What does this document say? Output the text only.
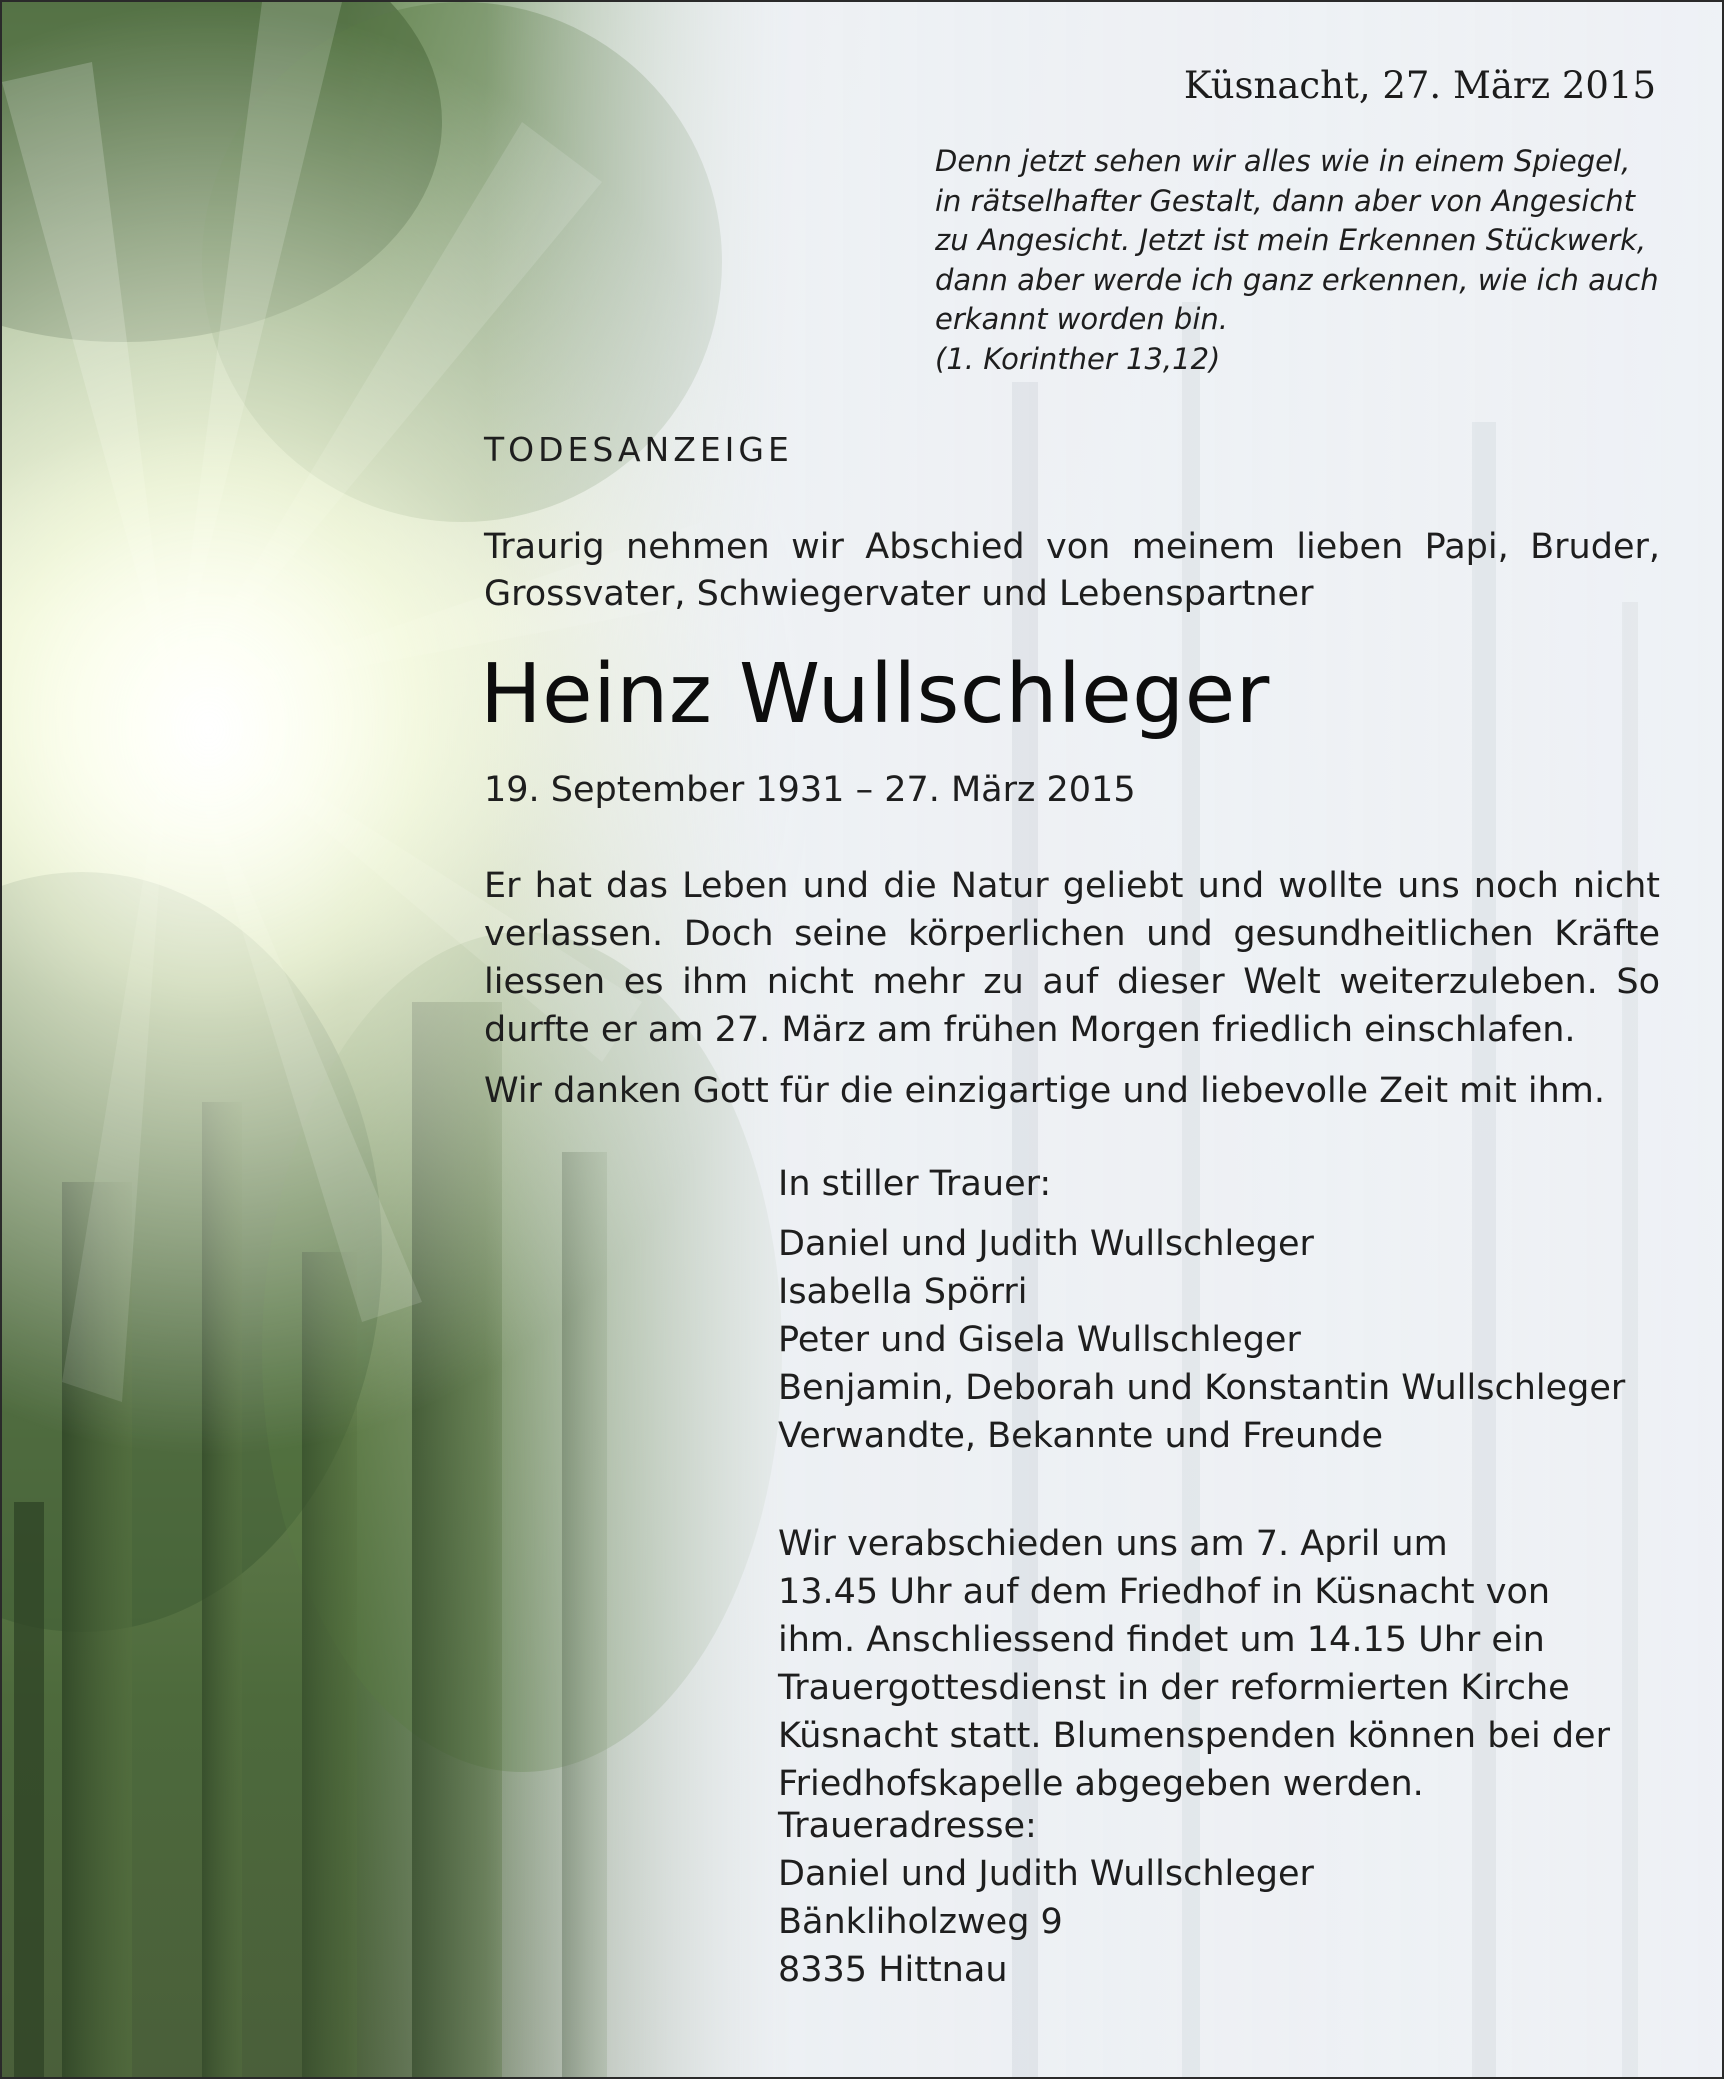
Küsnacht, 27. März 2015
Denn jetzt sehen wir alles wie in einem Spiegel,
in rätselhafter Gestalt, dann aber von Angesicht
zu Angesicht. Jetzt ist mein Erkennen Stückwerk,
dann aber werde ich ganz erkennen, wie ich auch
erkannt worden bin.
(1. Korinther 13,12)
TODESANZEIGE
Traurig nehmen wir Abschied von meinem lieben Papi, Bruder, Grossvater, Schwiegervater und Lebenspartner
Heinz Wullschleger
19. September 1931 – 27. März 2015
Er hat das Leben und die Natur geliebt und wollte uns noch nicht verlassen. Doch seine körperlichen und gesundheitlichen Kräfte liessen es ihm nicht mehr zu auf dieser Welt weiterzuleben. So durfte er am 27. März am frühen Morgen friedlich einschlafen.
Wir danken Gott für die einzigartige und liebevolle Zeit mit ihm.
In stiller Trauer:
Daniel und Judith Wullschleger
Isabella Spörri
Peter und Gisela Wullschleger
Benjamin, Deborah und Konstantin Wullschleger
Verwandte, Bekannte und Freunde
Wir verabschieden uns am 7. April um
13.45 Uhr auf dem Friedhof in Küsnacht von
ihm. Anschliessend findet um 14.15 Uhr ein
Trauergottesdienst in der reformierten Kirche
Küsnacht statt. Blumenspenden können bei der
Friedhofskapelle abgegeben werden.
Traueradresse:
Daniel und Judith Wullschleger
Bänkliholzweg 9
8335 Hittnau
